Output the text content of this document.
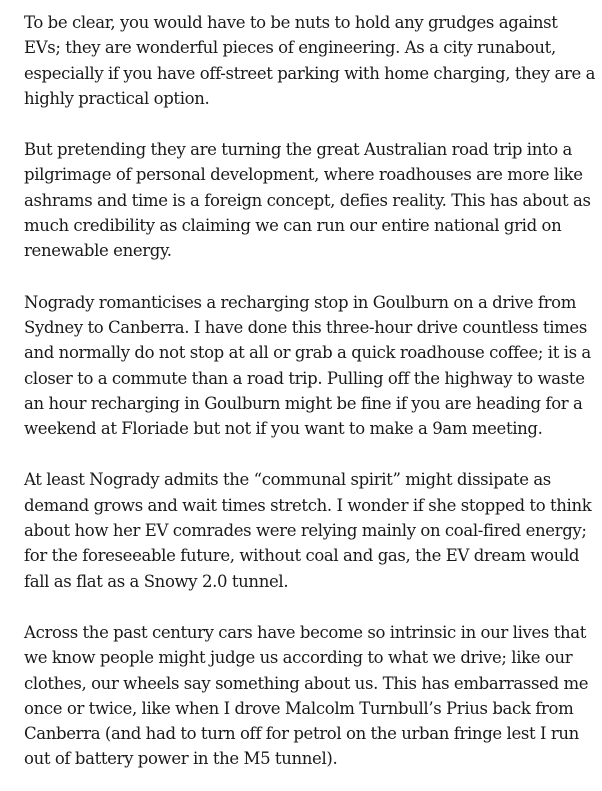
To be clear, you would have to be nuts to hold any grudges against EVs; they are wonderful pieces of engineering. As a city runabout, especially if you have off-street parking with home charging, they are a highly practical option.

But pretending they are turning the great Australian road trip into a pilgrimage of personal development, where roadhouses are more like ashrams and time is a foreign concept, defies reality. This has about as much credibility as claiming we can run our entire national grid on renewable energy.

Nogrady romanticises a recharging stop in Goulburn on a drive from Sydney to Canberra. I have done this three-hour drive countless times and normally do not stop at all or grab a quick roadhouse coffee; it is a closer to a commute than a road trip. Pulling off the highway to waste an hour recharging in Goulburn might be fine if you are heading for a weekend at Floriade but not if you want to make a 9am meeting.

At least Nogrady admits the “communal spirit” might dissipate as demand grows and wait times stretch. I wonder if she stopped to think about how her EV comrades were relying mainly on coal-fired energy; for the foreseeable future, without coal and gas, the EV dream would fall as flat as a Snowy 2.0 tunnel.

Across the past century cars have become so intrinsic in our lives that we know people might judge us according to what we drive; like our clothes, our wheels say something about us. This has embarrassed me once or twice, like when I drove Malcolm Turnbull’s Prius back from Canberra (and had to turn off for petrol on the urban fringe lest I run out of battery power in the M5 tunnel).
